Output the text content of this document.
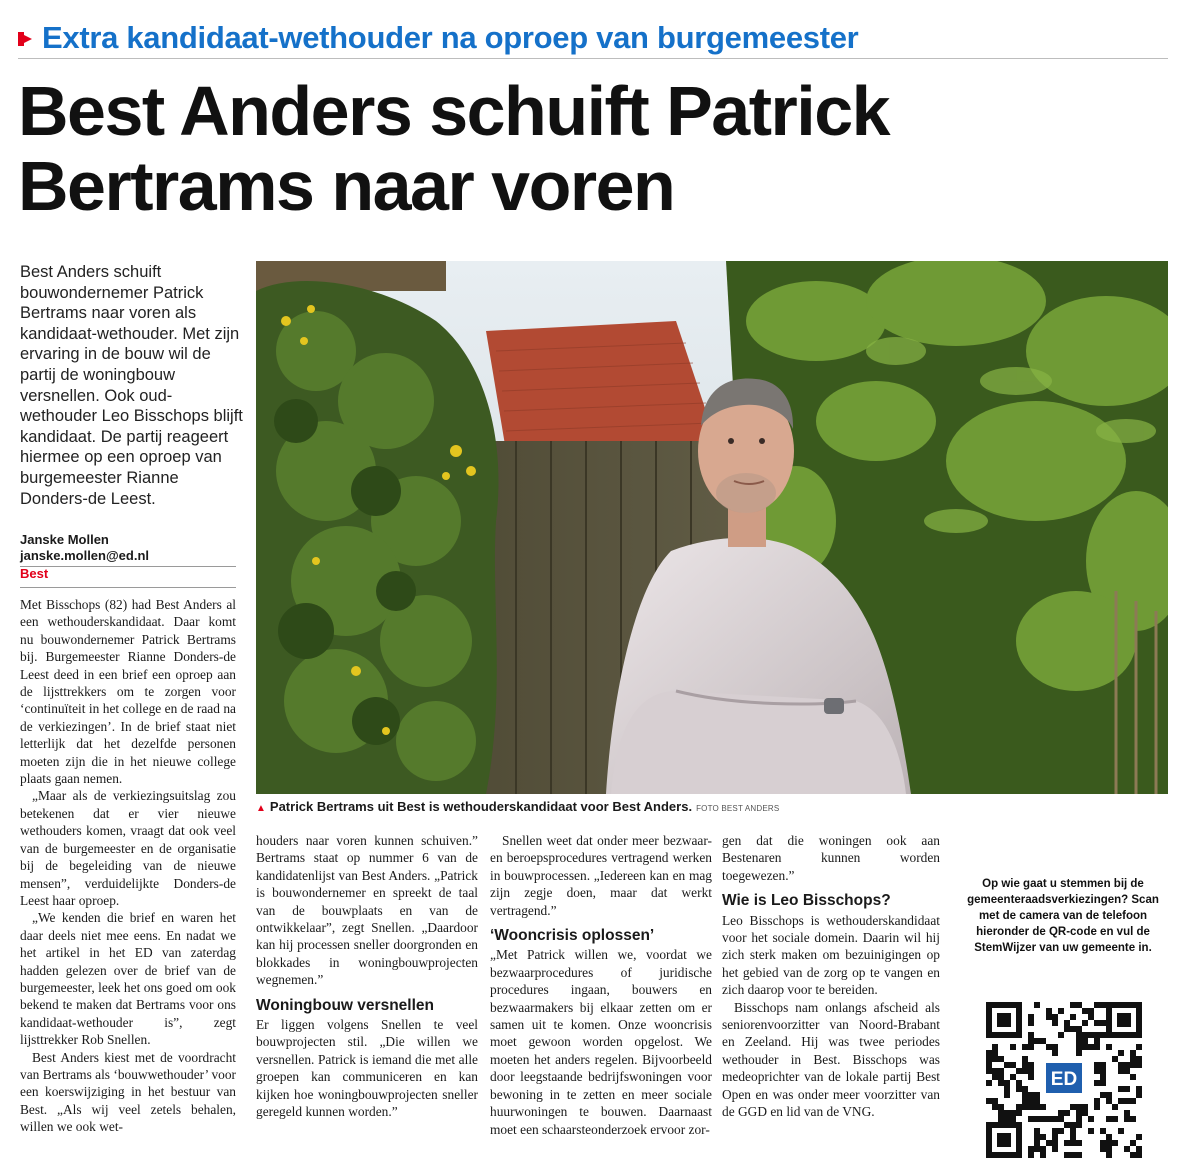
Extra kandidaat-wethouder na oproep van burgemeester
Best Anders schuift Patrick Bertrams naar voren

Best Anders schuift bouwondernemer Patrick Bertrams naar voren als kandidaat-wethouder. Met zijn ervaring in de bouw wil de partij de woningbouw versnellen. Ook oud-wethouder Leo Bisschops blijft kandidaat. De partij reageert hiermee op een oproep van burgemeester Rianne Donders-de Leest.

Janske Mollen
janske.mollen@ed.nl
Best

Met Bisschops (82) had Best Anders al een wethouderskandidaat. Daar komt nu bouwondernemer Patrick Bertrams bij. Burgemeester Rianne Donders-de Leest deed in een brief een oproep aan de lijsttrekkers om te zorgen voor ‘continuïteit in het college en de raad na de verkiezingen’. In de brief staat niet letterlijk dat het dezelfde personen moeten zijn die in het nieuwe college plaats gaan nemen.

„Maar als de verkiezingsuitslag zou betekenen dat er vier nieuwe wethouders komen, vraagt dat ook veel van de burgemeester en de organisatie bij de begeleiding van de nieuwe mensen”, verduidelijkte Donders-de Leest haar oproep.

„We kenden die brief en waren het daar deels niet mee eens. En nadat we het artikel in het ED van zaterdag hadden gelezen over de brief van de burgemeester, leek het ons goed om ook bekend te maken dat Bertrams voor ons kandidaat-wethouder is”, zegt lijsttrekker Rob Snellen.

Best Anders kiest met de voordracht van Bertrams als ‘bouwwethouder’ voor een koerswijziging in het bestuur van Best. „Als wij veel zetels behalen, willen we ook wet-

▲ Patrick Bertrams uit Best is wethouderskandidaat voor Best Anders. FOTO BEST ANDERS

houders naar voren kunnen schuiven.” Bertrams staat op nummer 6 van de kandidatenlijst van Best Anders. „Patrick is bouwondernemer en spreekt de taal van de bouwplaats en van de ontwikkelaar”, zegt Snellen. „Daardoor kan hij processen sneller doorgronden en blokkades in woningbouwprojecten wegnemen.”

Woningbouw versnellen

Er liggen volgens Snellen te veel bouwprojecten stil. „Die willen we versnellen. Patrick is iemand die met alle groepen kan communiceren en kan kijken hoe woningbouwprojecten sneller geregeld kunnen worden.”

Snellen weet dat onder meer bezwaar- en beroepsprocedures vertragend werken in bouwprocessen. „Iedereen kan en mag zijn zegje doen, maar dat werkt vertragend.”

‘Wooncrisis oplossen’

„Met Patrick willen we, voordat we bezwaarprocedures of juridische procedures ingaan, bouwers en bezwaarmakers bij elkaar zetten om er samen uit te komen. Onze wooncrisis moet gewoon worden opgelost. We moeten het anders regelen. Bijvoorbeeld door leegstaande bedrijfswoningen voor bewoning in te zetten en meer sociale huurwoningen te bouwen. Daarnaast moet een schaarsteonderzoek ervoor zor-

gen dat die woningen ook aan Bestenaren kunnen worden toegewezen.”

Wie is Leo Bisschops?

Leo Bisschops is wethouderskandidaat voor het sociale domein. Daarin wil hij zich sterk maken om bezuinigingen op het gebied van de zorg op te vangen en zich daarop voor te bereiden.

Bisschops nam onlangs afscheid als seniorenvoorzitter van Noord-Brabant en Zeeland. Hij was twee periodes wethouder in Best. Bisschops was medeoprichter van de lokale partij Best Open en was onder meer voorzitter van de GGD en lid van de VNG.

Op wie gaat u stemmen bij de gemeenteraadsverkiezingen? Scan met de camera van de telefoon hieronder de QR-code en vul de StemWijzer van uw gemeente in.
ED
